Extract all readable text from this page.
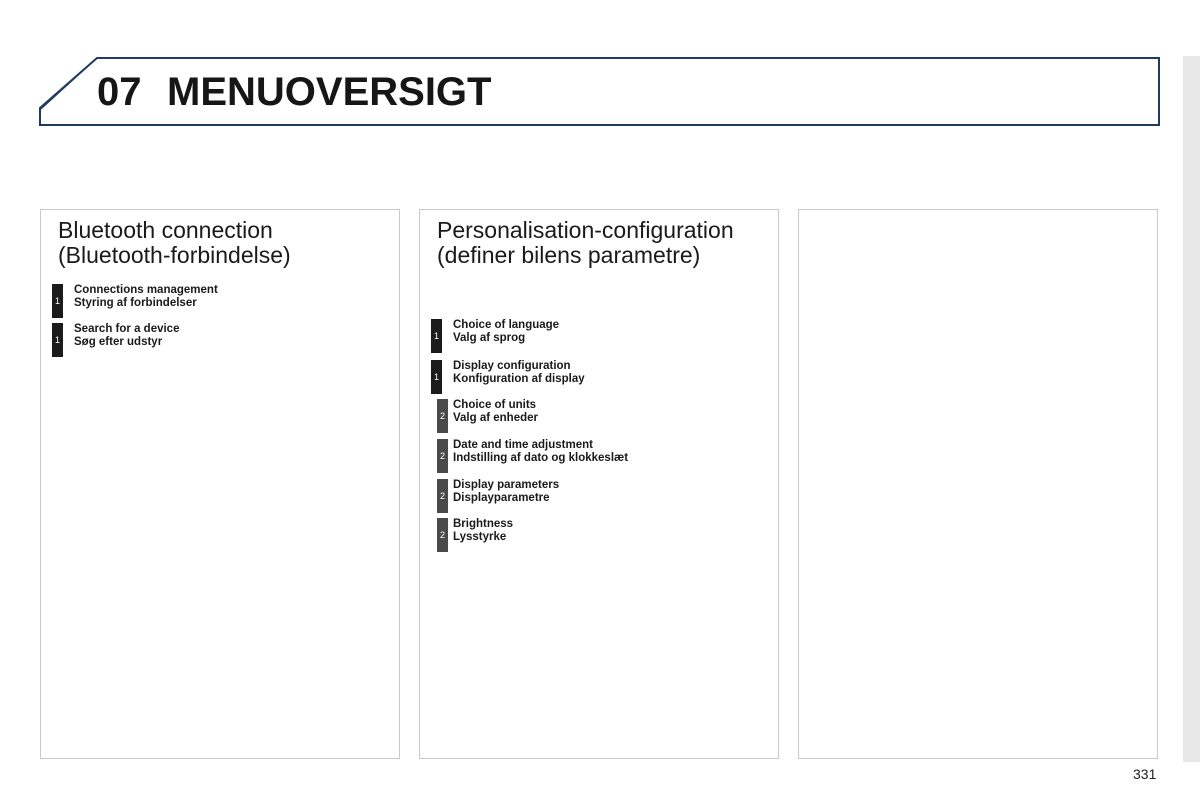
07 MENUOVERSIGT
Bluetooth connection
(Bluetooth-forbindelse)
1
Connections management
Styring af forbindelser
1
Search for a device
Søg efter udstyr
Personalisation-configuration
(definer bilens parametre)
1
Choice of language
Valg af sprog
1
Display configuration
Konfiguration af display
2
Choice of units
Valg af enheder
2
Date and time adjustment
Indstilling af dato og klokkeslæt
2
Display parameters
Displayparametre
2
Brightness
Lysstyrke
331
